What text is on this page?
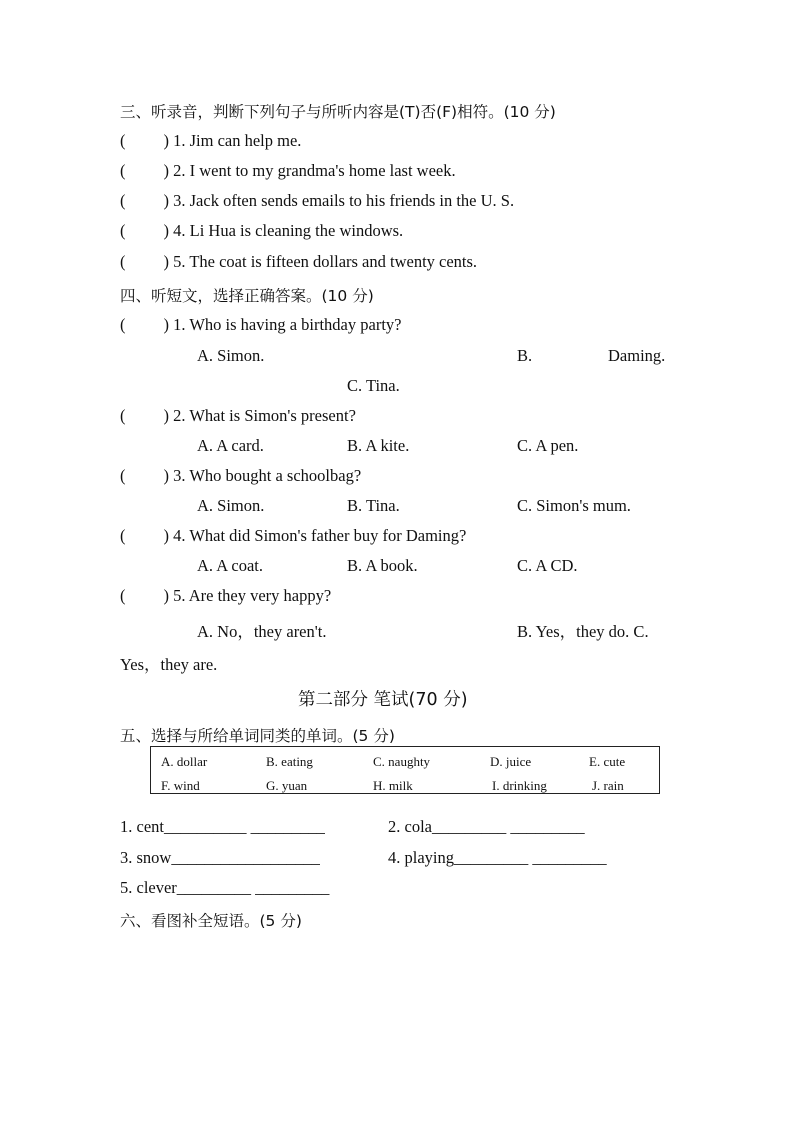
三、听录音，判断下列句子与所听内容是(T)否(F)相符。(10 分)
( ) 1. Jim can help me.
( ) 2. I went to my grandma's home last week.
( ) 3. Jack often sends emails to his friends in the U. S.
( ) 4. Li Hua is cleaning the windows.
( ) 5. The coat is fifteen dollars and twenty cents.
四、听短文，选择正确答案。(10 分)
( ) 1. Who is having a birthday party?
A. Simon.	B.	Daming.
C. Tina.
( ) 2. What is Simon's present?
A. A card.	B. A kite.	C. A pen.
( ) 3. Who bought a schoolbag?
A. Simon.	B. Tina.	C. Simon's mum.
( ) 4. What did Simon's father buy for Daming?
A. A coat.	B. A book.	C. A CD.
( ) 5. Are they very happy?
A. No，they aren't.	B. Yes，they do. C.
Yes，they are.
第二部分 笔试(70 分)
五、选择与所给单词同类的单词。(5 分)
A. dollar	B. eating	C. naughty	D. juice	E. cute
F. wind	G. yuan	H. milk	I. drinking	J. rain
1. cent__________ _________	2. cola_________ _________
3. snow__________________	4. playing_________ _________
5. clever_________ _________
六、看图补全短语。(5 分)
